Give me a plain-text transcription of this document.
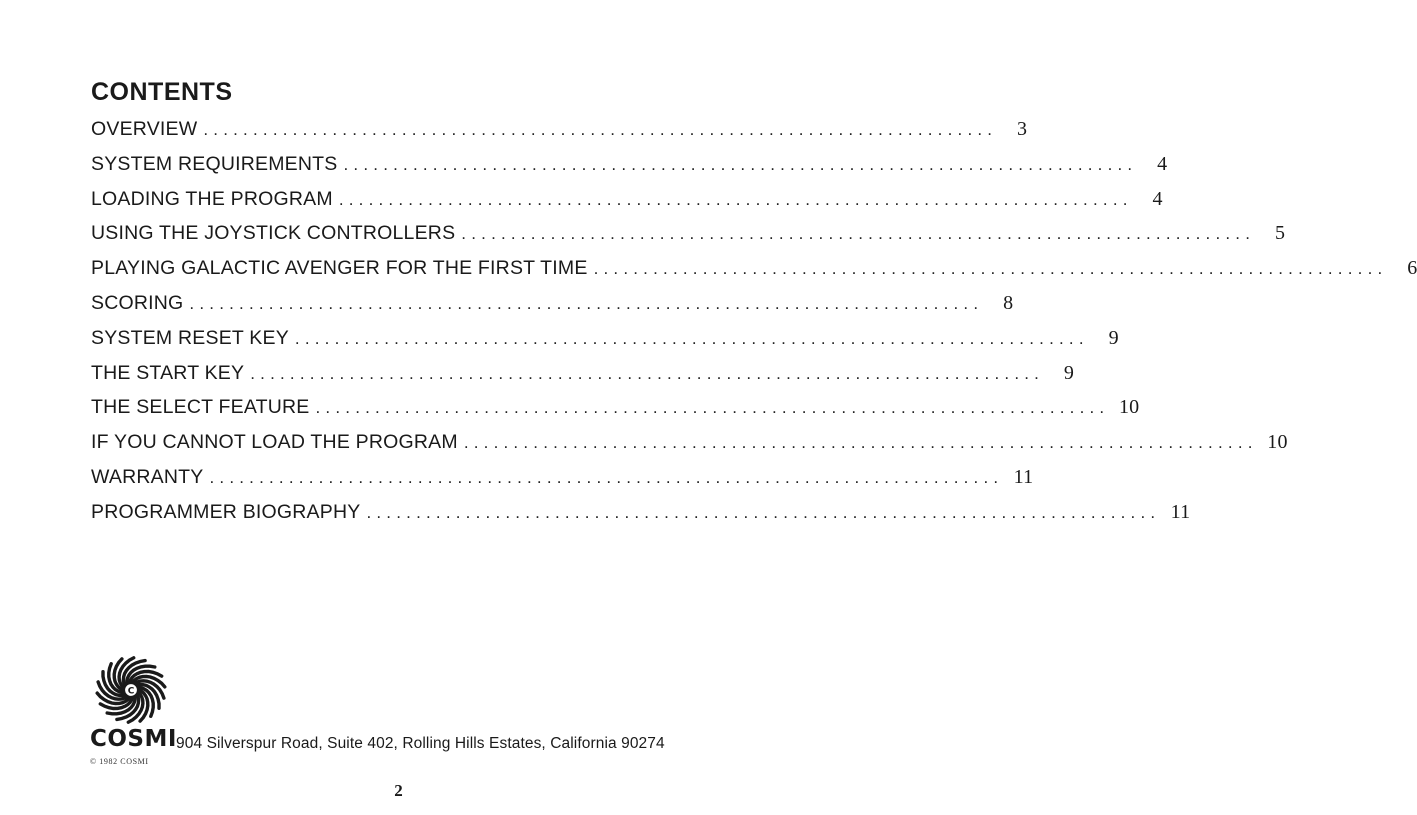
CONTENTS
OVERVIEW ................................................................................ 3
SYSTEM REQUIREMENTS ................................................................................ 4
LOADING THE PROGRAM ................................................................................ 4
USING THE JOYSTICK CONTROLLERS ................................................................................ 5
PLAYING GALACTIC AVENGER FOR THE FIRST TIME ................................................................................ 6
SCORING ................................................................................ 8
SYSTEM RESET KEY ................................................................................ 9
THE START KEY ................................................................................ 9
THE SELECT FEATURE ................................................................................ 10
IF YOU CANNOT LOAD THE PROGRAM ................................................................................ 10
WARRANTY ................................................................................ 11
PROGRAMMER BIOGRAPHY ................................................................................ 11
C
COSMI 904 Silverspur Road, Suite 402, Rolling Hills Estates, California 90274
© 1982 COSMI
2
